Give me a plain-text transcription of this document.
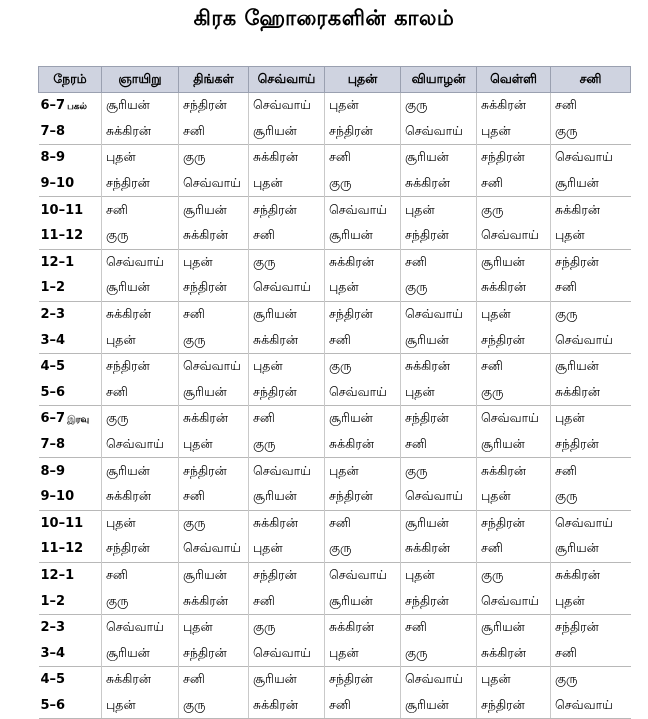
கிரக ஹோரைகளின் காலம்
நேரம்	ஞாயிறு	திங்கள்	செவ்வாய்	புதன்	வியாழன்	வெள்ளி	சனி
6–7 பகல்	சூரியன்	சந்திரன்	செவ்வாய்	புதன்	குரு	சுக்கிரன்	சனி
7–8	சுக்கிரன்	சனி	சூரியன்	சந்திரன்	செவ்வாய்	புதன்	குரு
8–9	புதன்	குரு	சுக்கிரன்	சனி	சூரியன்	சந்திரன்	செவ்வாய்
9–10	சந்திரன்	செவ்வாய்	புதன்	குரு	சுக்கிரன்	சனி	சூரியன்
10–11	சனி	சூரியன்	சந்திரன்	செவ்வாய்	புதன்	குரு	சுக்கிரன்
11–12	குரு	சுக்கிரன்	சனி	சூரியன்	சந்திரன்	செவ்வாய்	புதன்
12–1	செவ்வாய்	புதன்	குரு	சுக்கிரன்	சனி	சூரியன்	சந்திரன்
1–2	சூரியன்	சந்திரன்	செவ்வாய்	புதன்	குரு	சுக்கிரன்	சனி
2–3	சுக்கிரன்	சனி	சூரியன்	சந்திரன்	செவ்வாய்	புதன்	குரு
3–4	புதன்	குரு	சுக்கிரன்	சனி	சூரியன்	சந்திரன்	செவ்வாய்
4–5	சந்திரன்	செவ்வாய்	புதன்	குரு	சுக்கிரன்	சனி	சூரியன்
5–6	சனி	சூரியன்	சந்திரன்	செவ்வாய்	புதன்	குரு	சுக்கிரன்
6–7 இரவு	குரு	சுக்கிரன்	சனி	சூரியன்	சந்திரன்	செவ்வாய்	புதன்
7–8	செவ்வாய்	புதன்	குரு	சுக்கிரன்	சனி	சூரியன்	சந்திரன்
8–9	சூரியன்	சந்திரன்	செவ்வாய்	புதன்	குரு	சுக்கிரன்	சனி
9–10	சுக்கிரன்	சனி	சூரியன்	சந்திரன்	செவ்வாய்	புதன்	குரு
10–11	புதன்	குரு	சுக்கிரன்	சனி	சூரியன்	சந்திரன்	செவ்வாய்
11–12	சந்திரன்	செவ்வாய்	புதன்	குரு	சுக்கிரன்	சனி	சூரியன்
12–1	சனி	சூரியன்	சந்திரன்	செவ்வாய்	புதன்	குரு	சுக்கிரன்
1–2	குரு	சுக்கிரன்	சனி	சூரியன்	சந்திரன்	செவ்வாய்	புதன்
2–3	செவ்வாய்	புதன்	குரு	சுக்கிரன்	சனி	சூரியன்	சந்திரன்
3–4	சூரியன்	சந்திரன்	செவ்வாய்	புதன்	குரு	சுக்கிரன்	சனி
4–5	சுக்கிரன்	சனி	சூரியன்	சந்திரன்	செவ்வாய்	புதன்	குரு
5–6	புதன்	குரு	சுக்கிரன்	சனி	சூரியன்	சந்திரன்	செவ்வாய்
